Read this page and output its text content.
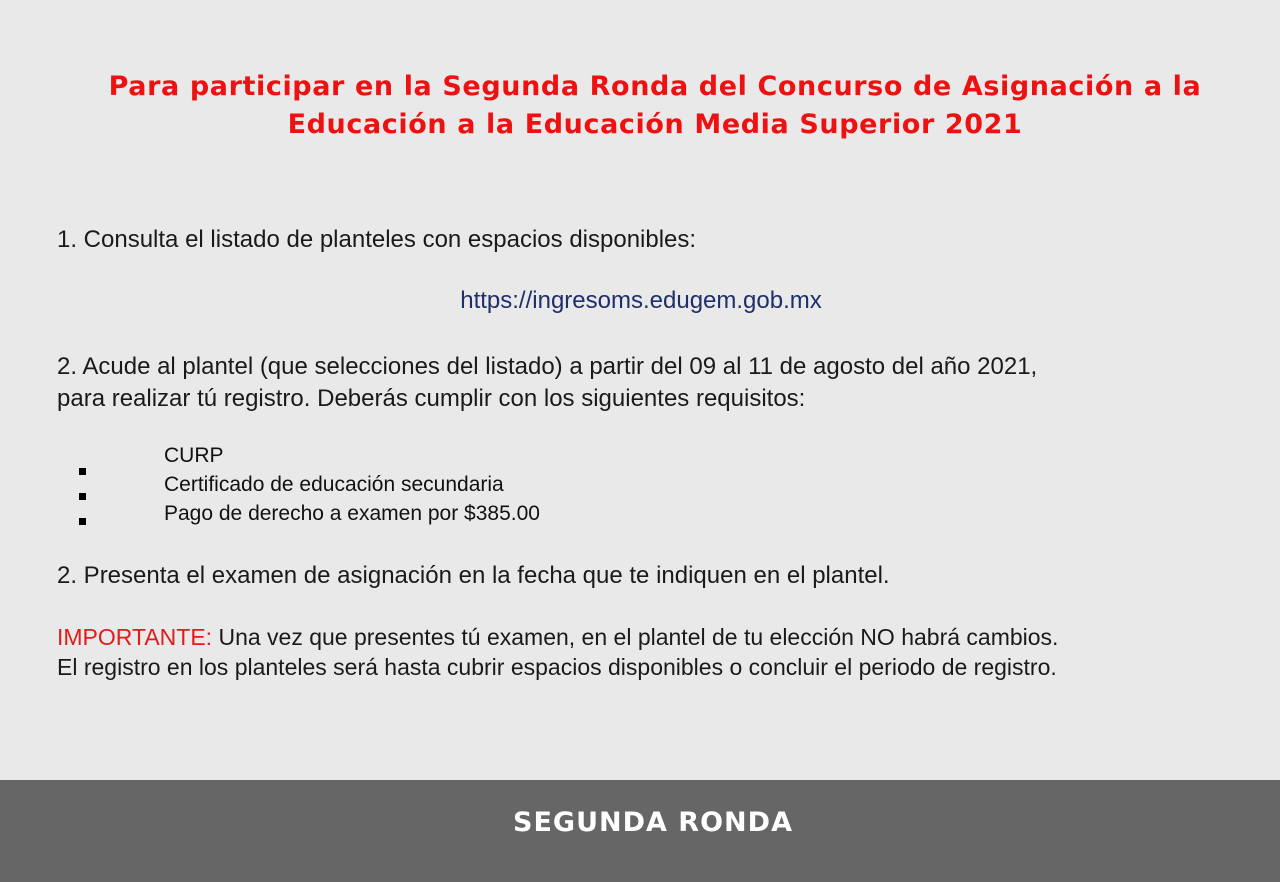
Para participar en la Segunda Ronda del Concurso de Asignación a la
Educación a la Educación Media Superior 2021
1. Consulta el listado de planteles con espacios disponibles:
https://ingresoms.edugem.gob.mx
2. Acude al plantel (que selecciones del listado) a partir del 09 al 11 de agosto del año 2021,
para realizar tú registro. Deberás cumplir con los siguientes requisitos:
CURP
Certificado de educación secundaria
Pago de derecho a examen por $385.00
2. Presenta el examen de asignación en la fecha que te indiquen en el plantel.
IMPORTANTE: Una vez que presentes tú examen, en el plantel de tu elección NO habrá cambios.
El registro en los planteles será hasta cubrir espacios disponibles o concluir el periodo de registro.
SEGUNDA RONDA
